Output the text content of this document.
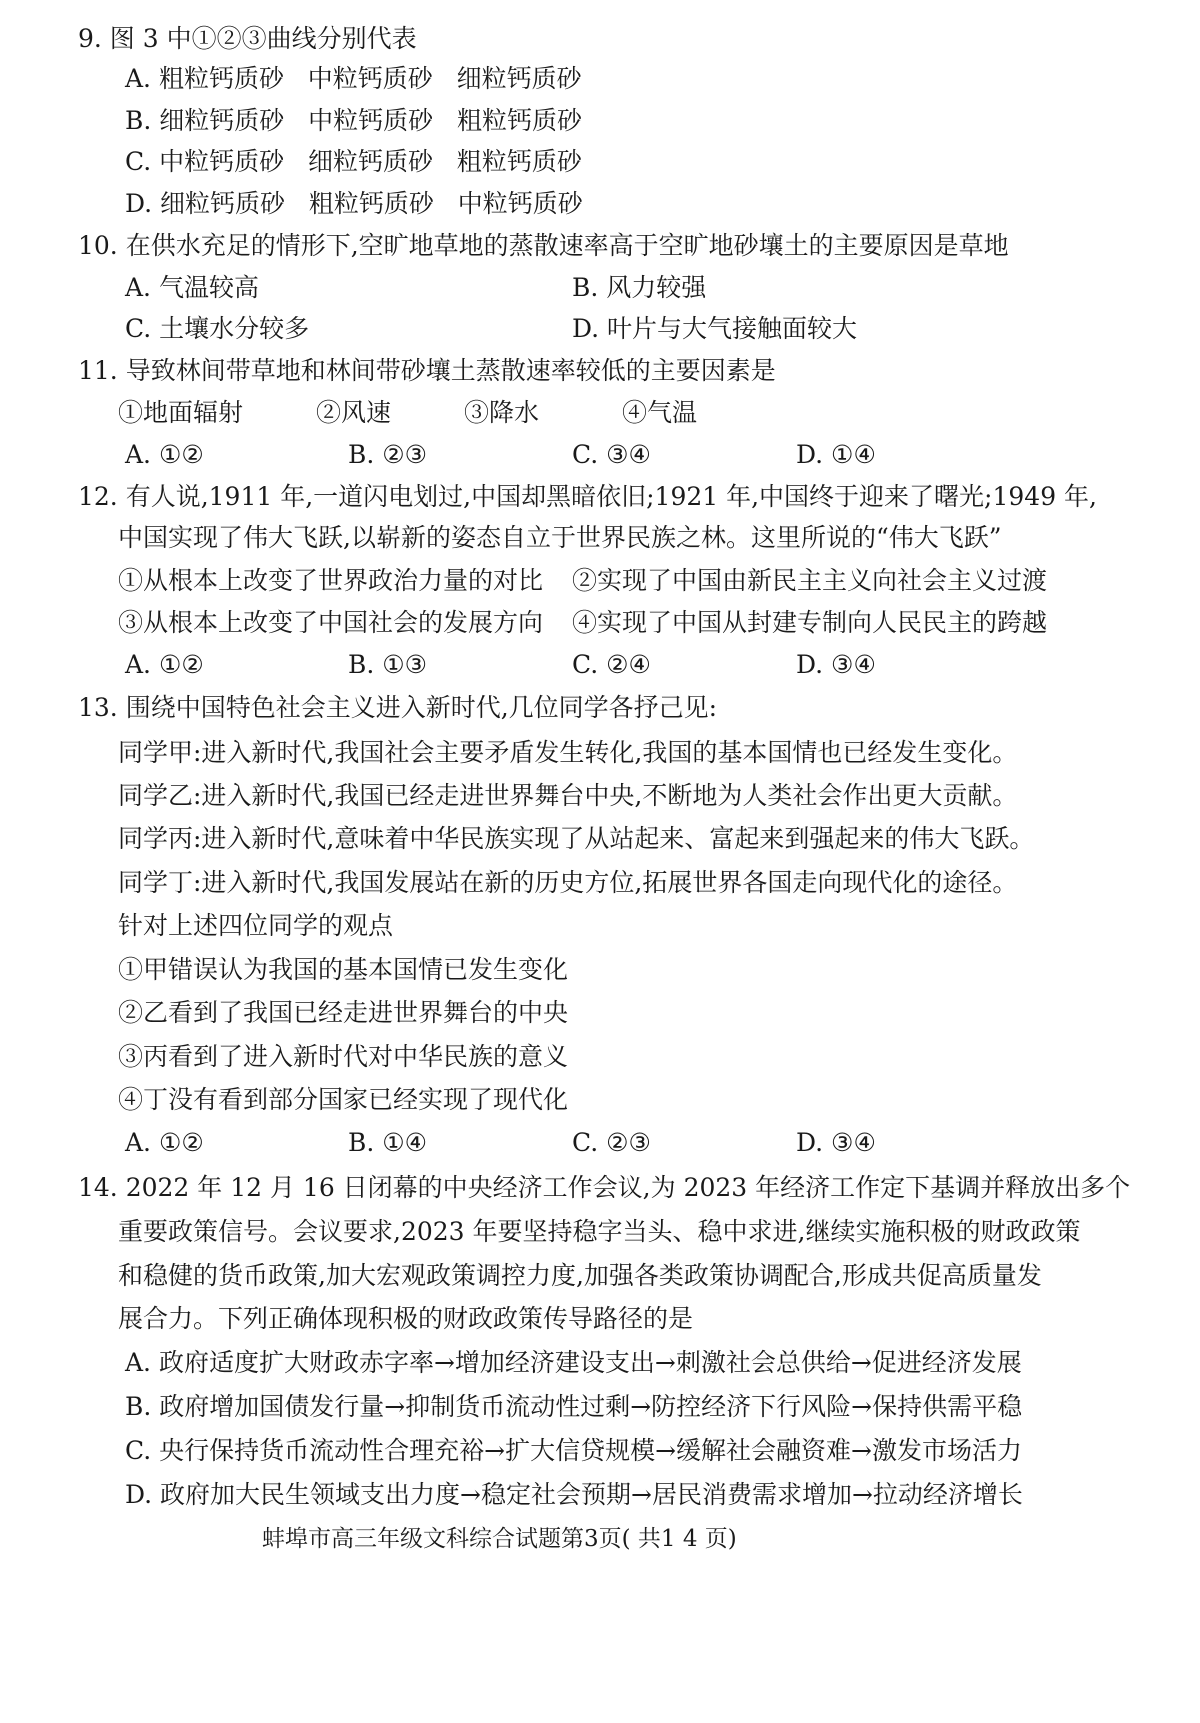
9. 图 3 中①②③曲线分别代表
A. 粗粒钙质砂   中粒钙质砂   细粒钙质砂
B. 细粒钙质砂   中粒钙质砂   粗粒钙质砂
C. 中粒钙质砂   细粒钙质砂   粗粒钙质砂
D. 细粒钙质砂   粗粒钙质砂   中粒钙质砂
10. 在供水充足的情形下,空旷地草地的蒸散速率高于空旷地砂壤土的主要原因是草地
A. 气温较高	B. 风力较强
C. 土壤水分较多	D. 叶片与大气接触面较大
11. 导致林间带草地和林间带砂壤土蒸散速率较低的主要因素是
①地面辐射	②风速	③降水	④气温
A. ①②	B. ②③	C. ③④	D. ①④
12. 有人说,1911 年,一道闪电划过,中国却黑暗依旧;1921 年,中国终于迎来了曙光;1949 年,
中国实现了伟大飞跃,以崭新的姿态自立于世界民族之林。这里所说的“伟大飞跃”
①从根本上改变了世界政治力量的对比 ②实现了中国由新民主主义向社会主义过渡
③从根本上改变了中国社会的发展方向 ④实现了中国从封建专制向人民民主的跨越
A. ①②	B. ①③	C. ②④	D. ③④
13. 围绕中国特色社会主义进入新时代,几位同学各抒己见:
同学甲:进入新时代,我国社会主要矛盾发生转化,我国的基本国情也已经发生变化。
同学乙:进入新时代,我国已经走进世界舞台中央,不断地为人类社会作出更大贡献。
同学丙:进入新时代,意味着中华民族实现了从站起来、富起来到强起来的伟大飞跃。
同学丁:进入新时代,我国发展站在新的历史方位,拓展世界各国走向现代化的途径。
针对上述四位同学的观点
①甲错误认为我国的基本国情已发生变化
②乙看到了我国已经走进世界舞台的中央
③丙看到了进入新时代对中华民族的意义
④丁没有看到部分国家已经实现了现代化
A. ①②	B. ①④	C. ②③	D. ③④
14. 2022 年 12 月 16 日闭幕的中央经济工作会议,为 2023 年经济工作定下基调并释放出多个
重要政策信号。会议要求,2023 年要坚持稳字当头、稳中求进,继续实施积极的财政政策
和稳健的货币政策,加大宏观政策调控力度,加强各类政策协调配合,形成共促高质量发
展合力。下列正确体现积极的财政政策传导路径的是
A. 政府适度扩大财政赤字率→增加经济建设支出→刺激社会总供给→促进经济发展
B. 政府增加国债发行量→抑制货币流动性过剩→防控经济下行风险→保持供需平稳
C. 央行保持货币流动性合理充裕→扩大信贷规模→缓解社会融资难→激发市场活力
D. 政府加大民生领域支出力度→稳定社会预期→居民消费需求增加→拉动经济增长
蚌埠市高三年级文科综合试题第3页( 共1 4 页)
